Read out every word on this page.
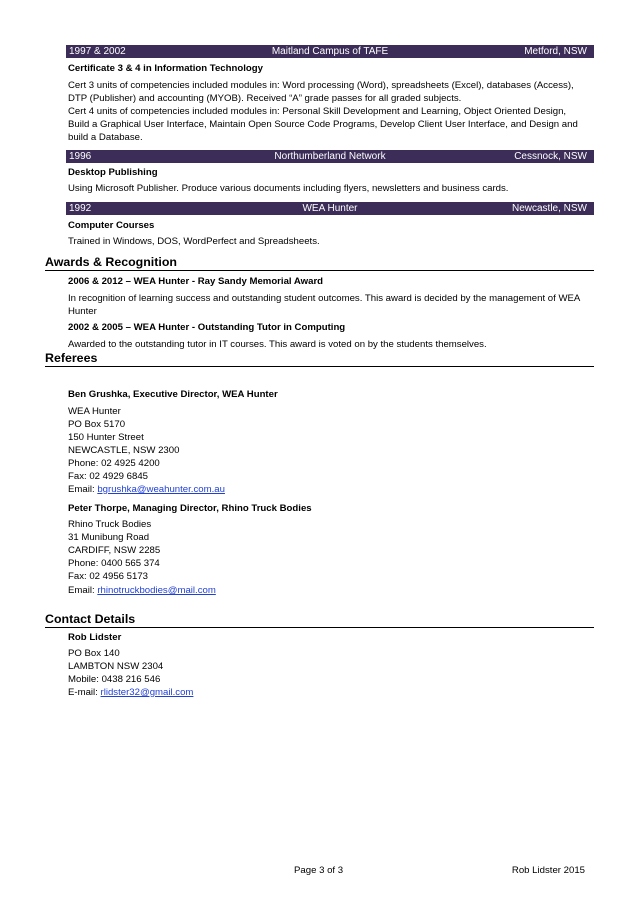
1997 & 2002	Maitland Campus of TAFE	Metford, NSW
Certificate 3 & 4 in Information Technology
Cert 3 units of competencies included modules in: Word processing (Word), spreadsheets (Excel), databases (Access),
DTP (Publisher) and accounting (MYOB). Received “A” grade passes for all graded subjects.
Cert 4 units of competencies included modules in: Personal Skill Development and Learning, Object Oriented Design,
Build a Graphical User Interface, Maintain Open Source Code Programs, Develop Client User Interface, and Design and
build a Database.
1996	Northumberland Network	Cessnock, NSW
Desktop Publishing
Using Microsoft Publisher. Produce various documents including flyers, newsletters and business cards.
1992	WEA Hunter	Newcastle, NSW
Computer Courses
Trained in Windows, DOS, WordPerfect and Spreadsheets.
Awards & Recognition
2006 & 2012 – WEA Hunter - Ray Sandy Memorial Award
In recognition of learning success and outstanding student outcomes. This award is decided by the management of WEA
Hunter
2002 & 2005 – WEA Hunter - Outstanding Tutor in Computing
Awarded to the outstanding tutor in IT courses. This award is voted on by the students themselves.
Referees
Ben Grushka, Executive Director, WEA Hunter
WEA Hunter
PO Box 5170
150 Hunter Street
NEWCASTLE, NSW 2300
Phone: 02 4925 4200
Fax: 02 4929 6845
Email: bgrushka@weahunter.com.au
Peter Thorpe, Managing Director, Rhino Truck Bodies
Rhino Truck Bodies
31 Munibung Road
CARDIFF, NSW 2285
Phone: 0400 565 374
Fax: 02 4956 5173
Email: rhinotruckbodies@mail.com
Contact Details
Rob Lidster
PO Box 140
LAMBTON NSW 2304
Mobile: 0438 216 546
E-mail: rlidster32@gmail.com
Page 3 of 3	Rob Lidster 2015
